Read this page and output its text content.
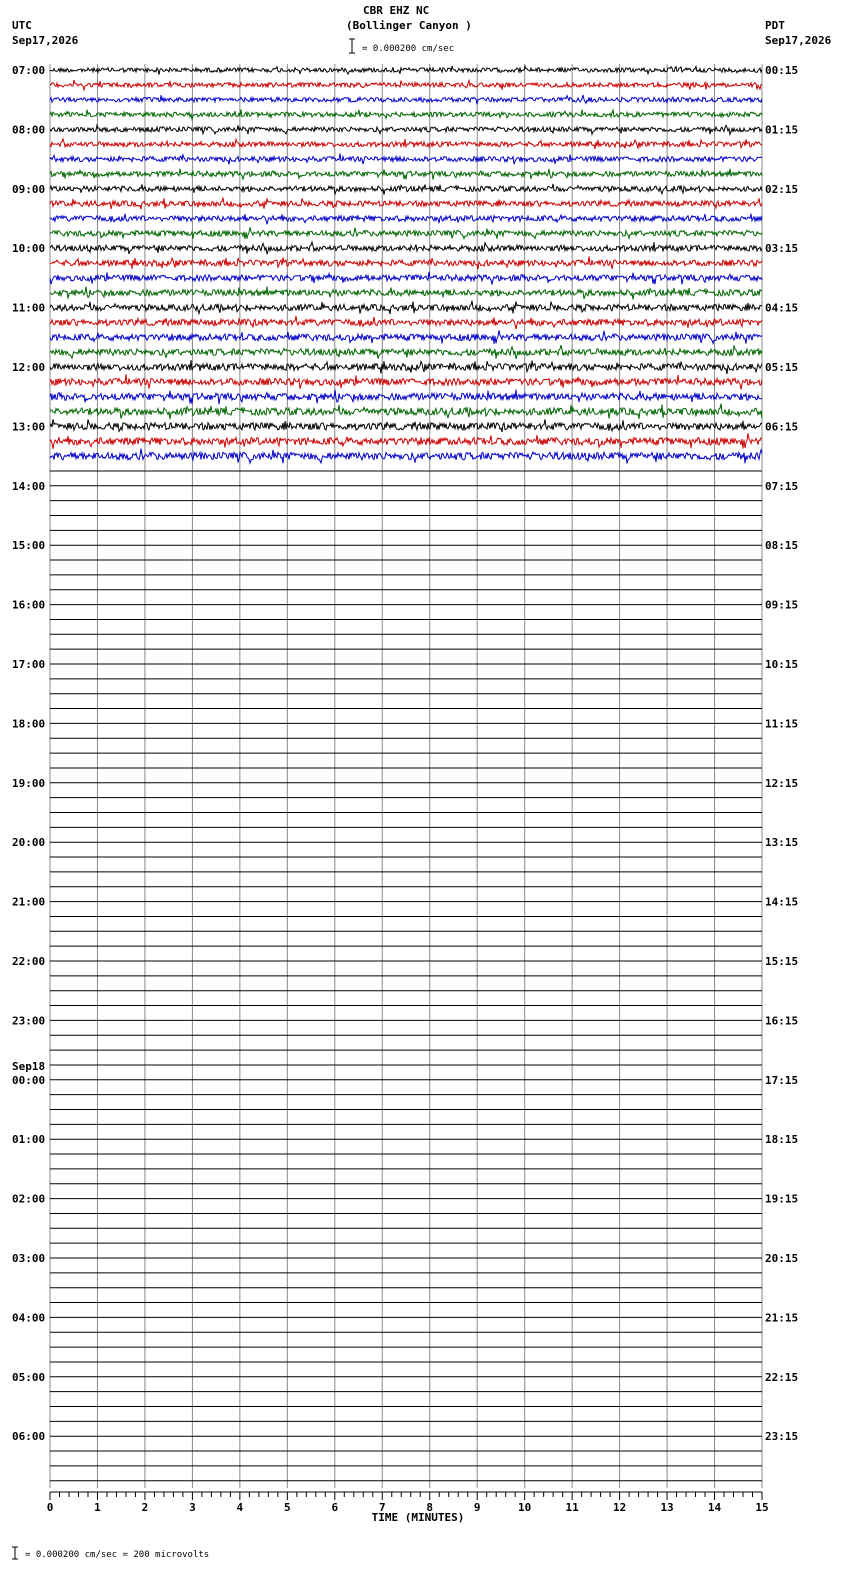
CBR EHZ NC
(Bollinger Canyon )
UTC
Sep17,2026
PDT
Sep17,2026
= 0.000200 cm/sec
0	1	2	3	4	5	6	7	8	9	10	11	12	13	14	15
TIME (MINUTES)
07:00	00:15
08:00	01:15
09:00	02:15
10:00	03:15
11:00	04:15
12:00	05:15
13:00	06:15
14:00	07:15
15:00	08:15
16:00	09:15
17:00	10:15
18:00	11:15
19:00	12:15
20:00	13:15
21:00	14:15
22:00	15:15
23:00	16:15
00:00	17:15
Sep18
01:00	18:15
02:00	19:15
03:00	20:15
04:00	21:15
05:00	22:15
06:00	23:15
= 0.000200 cm/sec = 200 microvolts
